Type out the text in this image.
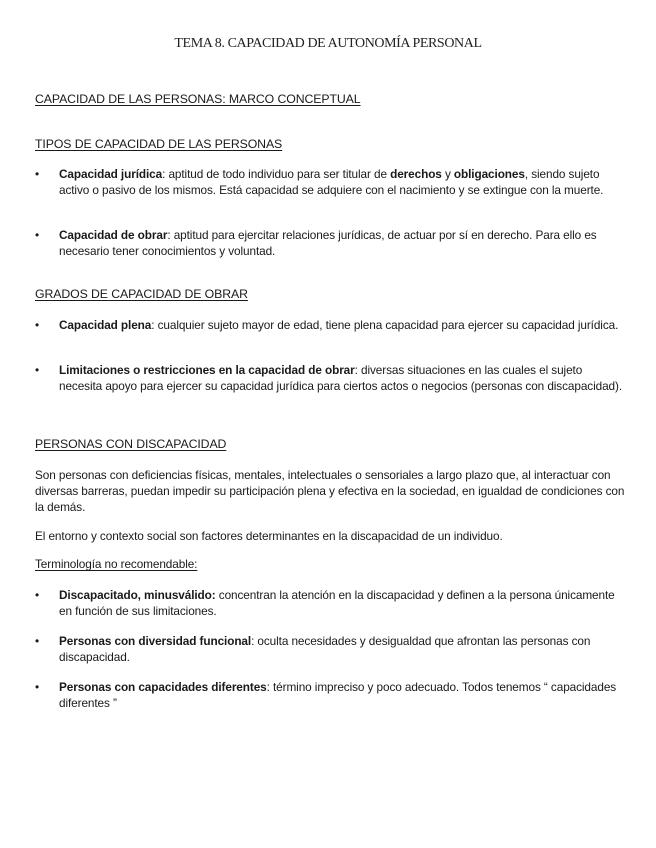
TEMA 8. CAPACIDAD DE AUTONOMÍA PERSONAL
CAPACIDAD DE LAS PERSONAS: MARCO CONCEPTUAL
TIPOS DE CAPACIDAD DE LAS PERSONAS
•	Capacidad jurídica: aptitud de todo individuo para ser titular de derechos y obligaciones, siendo sujeto activo o pasivo de los mismos. Está capacidad se adquiere con el nacimiento y se extingue con la muerte.
•	Capacidad de obrar: aptitud para ejercitar relaciones jurídicas, de actuar por sí en derecho. Para ello es necesario tener conocimientos y voluntad.
GRADOS DE CAPACIDAD DE OBRAR
•	Capacidad plena: cualquier sujeto mayor de edad, tiene plena capacidad para ejercer su capacidad jurídica.
•	Limitaciones o restricciones en la capacidad de obrar: diversas situaciones en las cuales el sujeto necesita apoyo para ejercer su capacidad jurídica para ciertos actos o negocios (personas con discapacidad).
PERSONAS CON DISCAPACIDAD
Son personas con deficiencias físicas, mentales, intelectuales o sensoriales a largo plazo que, al interactuar con diversas barreras, puedan impedir su participación plena y efectiva en la sociedad, en igualdad de condiciones con la demás.
El entorno y contexto social son factores determinantes en la discapacidad de un individuo.
Terminología no recomendable:
•	Discapacitado, minusválido: concentran la atención en la discapacidad y definen a la persona únicamente en función de sus limitaciones.
•	Personas con diversidad funcional: oculta necesidades y desigualdad que afrontan las personas con discapacidad.
•	Personas con capacidades diferentes: término impreciso y poco adecuado. Todos tenemos “ capacidades diferentes ”
